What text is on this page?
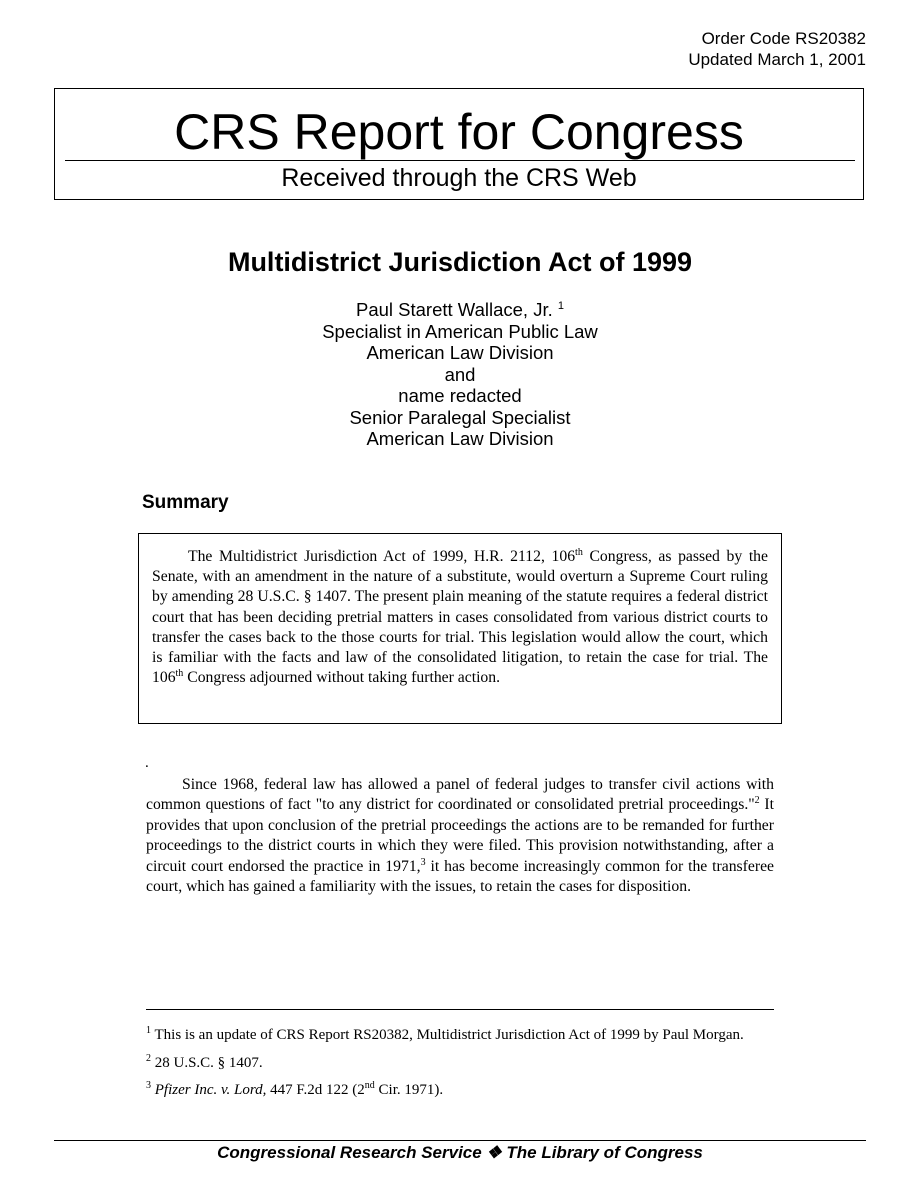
Order Code RS20382
Updated March 1, 2001
CRS Report for Congress
Received through the CRS Web
Multidistrict Jurisdiction Act of 1999
Paul Starett Wallace, Jr. $^1$
Specialist in American Public Law
American Law Division
and
name redacted
Senior Paralegal Specialist
American Law Division
Summary
The Multidistrict Jurisdiction Act of 1999, H.R. 2112, 106th Congress, as passed by the Senate, with an amendment in the nature of a substitute, would overturn a Supreme Court ruling by amending 28 U.S.C. § 1407. The present plain meaning of the statute requires a federal district court that has been deciding pretrial matters in cases consolidated from various district courts to transfer the cases back to the those courts for trial. This legislation would allow the court, which is familiar with the facts and law of the consolidated litigation, to retain the case for trial. The 106th Congress adjourned without taking further action.
.
Since 1968, federal law has allowed a panel of federal judges to transfer civil actions with common questions of fact "to any district for coordinated or consolidated pretrial proceedings."$^2$ It provides that upon conclusion of the pretrial proceedings the actions are to be remanded for further proceedings to the district courts in which they were filed. This provision notwithstanding, after a circuit court endorsed the practice in 1971,$^3$ it has become increasingly common for the transferee court, which has gained a familiarity with the issues, to retain the cases for disposition.

$^1$ This is an update of CRS Report RS20382, Multidistrict Jurisdiction Act of 1999 by Paul Morgan.

$^2$ 28 U.S.C. § 1407.

$^3$ Pfizer Inc. v. Lord, 447 F.2d 122 (2nd Cir. 1971).

Congressional Research Service ❖ The Library of Congress
